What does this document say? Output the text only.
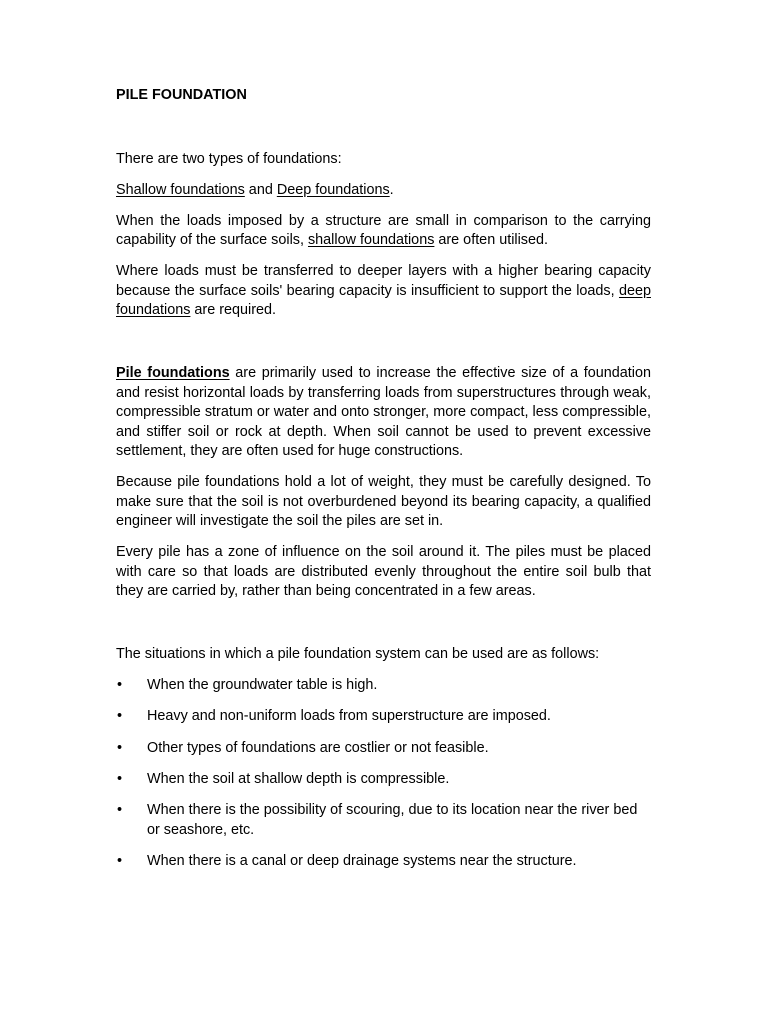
PILE FOUNDATION

There are two types of foundations:

Shallow foundations and Deep foundations.

When the loads imposed by a structure are small in comparison to the carrying capability of the surface soils, shallow foundations are often utilised.

Where loads must be transferred to deeper layers with a higher bearing capacity because the surface soils' bearing capacity is insufficient to support the loads, deep foundations are required.

Pile foundations are primarily used to increase the effective size of a foundation and resist horizontal loads by transferring loads from superstructures through weak, compressible stratum or water and onto stronger, more compact, less compressible, and stiffer soil or rock at depth. When soil cannot be used to prevent excessive settlement, they are often used for huge constructions.

Because pile foundations hold a lot of weight, they must be carefully designed. To make sure that the soil is not overburdened beyond its bearing capacity, a qualified engineer will investigate the soil the piles are set in.

Every pile has a zone of influence on the soil around it. The piles must be placed with care so that loads are distributed evenly throughout the entire soil bulb that they are carried by, rather than being concentrated in a few areas.

The situations in which a pile foundation system can be used are as follows:

• When the groundwater table is high.
• Heavy and non-uniform loads from superstructure are imposed.
• Other types of foundations are costlier or not feasible.
• When the soil at shallow depth is compressible.
• When there is the possibility of scouring, due to its location near the river bed or seashore, etc.
• When there is a canal or deep drainage systems near the structure.
